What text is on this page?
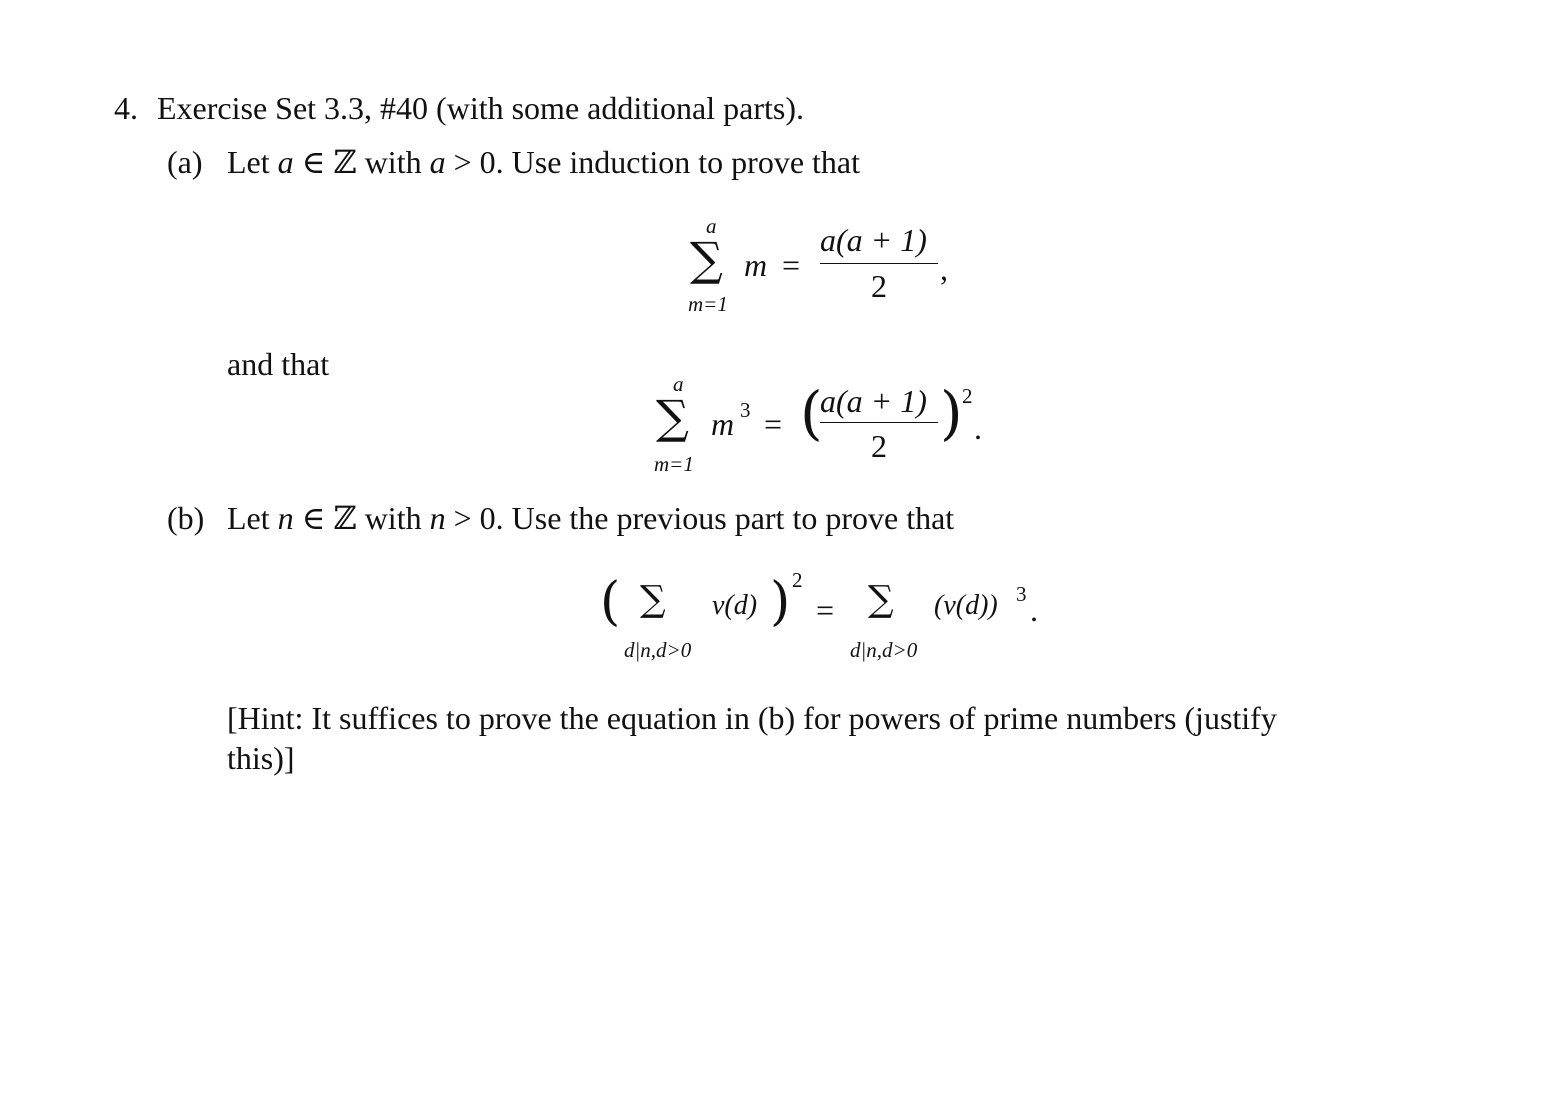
4. Exercise Set 3.3, #40 (with some additional parts).
(a) Let a ∈ ℤ with a > 0. Use induction to prove that
a
∑
m=1
m =
a(a + 1)
2 ,
and that
a
∑
m=1
m 3 = (
a(a + 1)
2 ) 2
.
(b) Let n ∈ ℤ with n > 0. Use the previous part to prove that
( ∑
d|n,d>0
v(d) ) 2
= ∑
d|n,d>0
(v(d)) 3 .
[Hint: It suffices to prove the equation in (b) for powers of prime numbers (justify
this)]
